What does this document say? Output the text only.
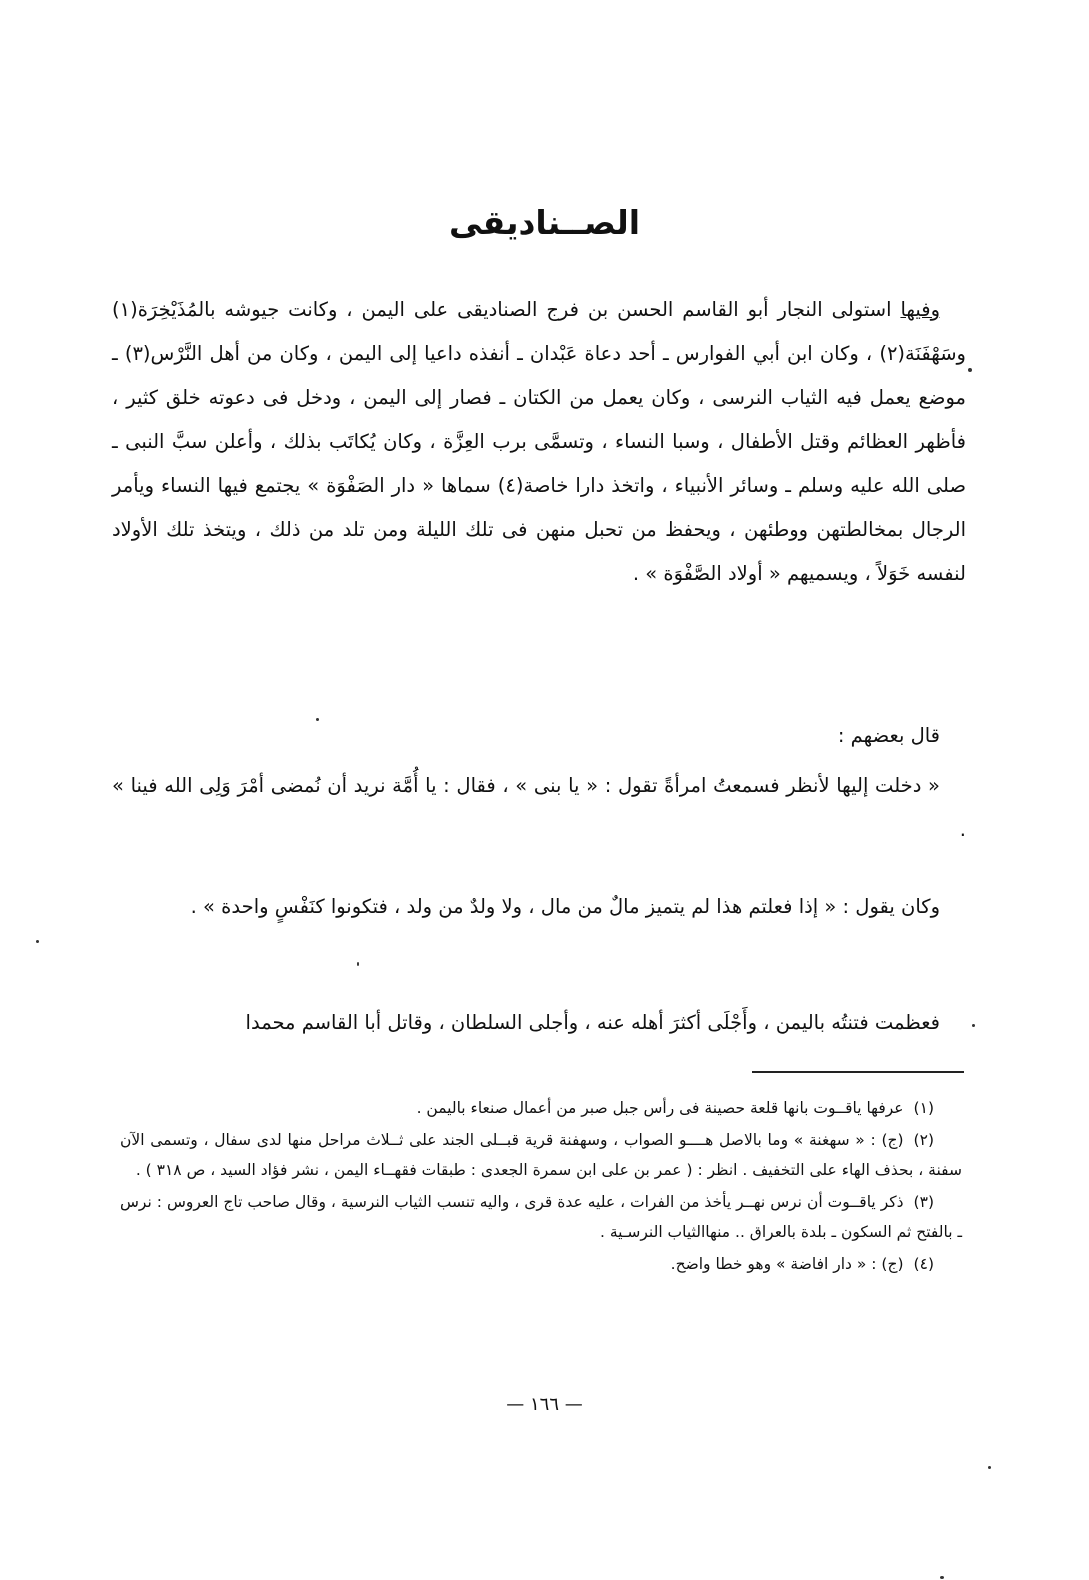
الصــناديقى

وفيها استولى النجار أبو القاسم الحسن بن فرج الصناديقى على اليمن ، وكانت جيوشه بالمُذَيْخِرَة(١) وسَهْفَنَة(٢) ، وكان ابن أبي الفوارس ـ أحد دعاة عَبْدان ـ أنفذه داعيا إلى اليمن ، وكان من أهل النَّرْس(٣) ـ موضع يعمل فيه الثياب النرسى ، وكان يعمل من الكتان ـ فصار إلى اليمن ، ودخل فى دعوته خلق كثير ، فأظهر العظائم وقتل الأطفال ، وسبا النساء ، وتسمَّى برب العِزَّة ، وكان يُكاتَب بذلك ، وأعلن سبَّ النبى ـ صلى الله عليه وسلم ـ وسائر الأنبياء ، واتخذ دارا خاصة(٤) سماها « دار الصَفْوَة » يجتمع فيها النساء ويأمر الرجال بمخالطتهن ووطئهن ، ويحفظ من تحبل منهن فى تلك الليلة ومن تلد من ذلك ، ويتخذ تلك الأولاد لنفسه خَوَلاً ، ويسميهم « أولاد الصَّفْوَة » .

قال بعضهم :

« دخلت إليها لأنظر فسمعتُ امرأةً تقول : « يا بنى » ، فقال : يا أُمَّة نريد أن نُمضى أمْرَ وَلِى الله فينا » .

وكان يقول : « إذا فعلتم هذا لم يتميز مالٌ من مال ، ولا ولدٌ من ولد ، فتكونوا كنَفْسٍ واحدة » .

فعظمت فتنتُه باليمن ، وأَجْلَى أكثرَ أهله عنه ، وأجلى السلطان ، وقاتل أبا القاسم محمدا

(١)عرفها ياقــوت بانها قلعة حصينة فى رأس جبل صبر من أعمال صنعاء باليمن .

(٢)(ج) : « سهغنة » وما بالاصل هــــو الصواب ، وسهفنة قرية قبــلى الجند على ثــلاث مراحل منها لدى سفال ، وتسمى الآن سفنة ، بحذف الهاء على التخفيف . انظر : ( عمر بن على ابن سمرة الجعدى : طبقات فقهــاء اليمن ، نشر فؤاد السيد ، ص ٣١٨ ) .

(٣)ذكر ياقــوت أن نرس نهــر يأخذ من الفرات ، عليه عدة قرى ، واليه تنسب الثياب النرسية ، وقال صاحب تاج العروس : نرس ـ بالفتح ثم السكون ـ بلدة بالعراق .. منهاالثياب النرسـية .

(٤)(ج) : « دار افاضة » وهو خطا واضح.

— ١٦٦ —
